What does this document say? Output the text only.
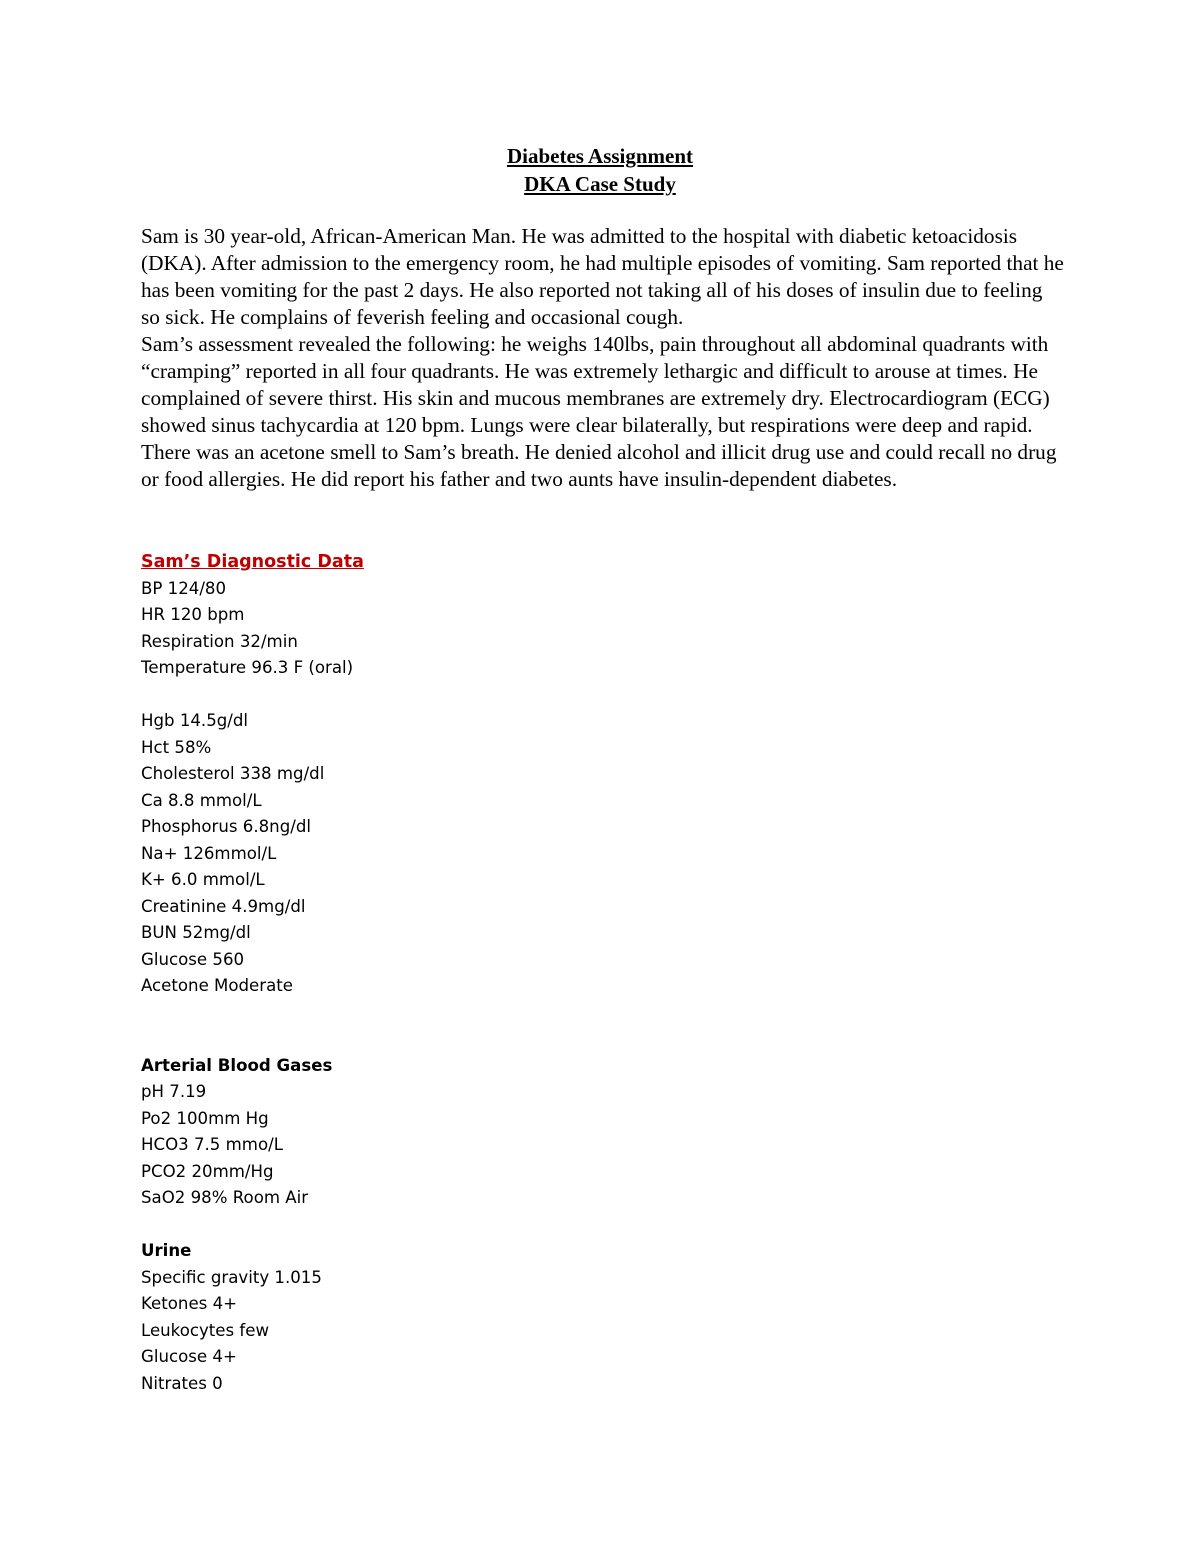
Diabetes Assignment
DKA Case Study

Sam is 30 year-old, African-American Man. He was admitted to the hospital with diabetic ketoacidosis (DKA). After admission to the emergency room, he had multiple episodes of vomiting. Sam reported that he has been vomiting for the past 2 days. He also reported not taking all of his doses of insulin due to feeling so sick. He complains of feverish feeling and occasional cough.

Sam’s assessment revealed the following: he weighs 140lbs, pain throughout all abdominal quadrants with “cramping” reported in all four quadrants. He was extremely lethargic and difficult to arouse at times. He complained of severe thirst. His skin and mucous membranes are extremely dry. Electrocardiogram (ECG) showed sinus tachycardia at 120 bpm. Lungs were clear bilaterally, but respirations were deep and rapid. There was an acetone smell to Sam’s breath. He denied alcohol and illicit drug use and could recall no drug or food allergies. He did report his father and two aunts have insulin-dependent diabetes.

Sam’s Diagnostic Data
BP 124/80
HR 120 bpm
Respiration 32/min
Temperature 96.3 F (oral)
Hgb 14.5g/dl
Hct 58%
Cholesterol 338 mg/dl
Ca 8.8 mmol/L
Phosphorus 6.8ng/dl
Na+ 126mmol/L
K+ 6.0 mmol/L
Creatinine 4.9mg/dl
BUN 52mg/dl
Glucose 560
Acetone Moderate
Arterial Blood Gases
pH 7.19
Po2 100mm Hg
HCO3 7.5 mmo/L
PCO2 20mm/Hg
SaO2 98% Room Air
Urine
Specific gravity 1.015
Ketones 4+
Leukocytes few
Glucose 4+
Nitrates 0
